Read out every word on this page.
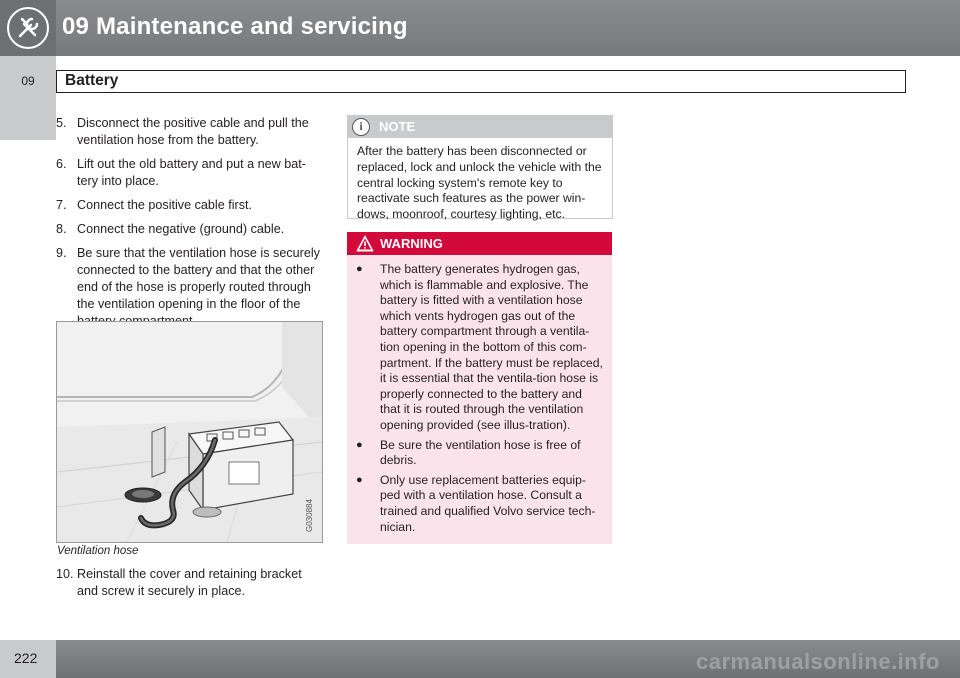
09 Maintenance and servicing
09	Battery
5. Disconnect the positive cable and pull the ventilation hose from the battery.
6. Lift out the old battery and put a new bat-tery into place.
7. Connect the positive cable first.
8. Connect the negative (ground) cable.
9. Be sure that the ventilation hose is securely connected to the battery and that the other end of the hose is properly routed through the ventilation opening in the floor of the
G030884
Ventilation hose
10. Reinstall the cover and retaining bracket and screw it securely in place.
i	NOTE
After the battery has been disconnected or replaced, lock and unlock the vehicle with the central locking system's remote key to reactivate such features as the power win-dows, moonroof, courtesy lighting, etc.
WARNING
● The battery generates hydrogen gas, which is flammable and explosive. The battery is fitted with a ventilation hose which vents hydrogen gas out of the battery compartment through a ventila-tion opening in the bottom of this com-partment. If the battery must be replaced, it is essential that the ventila-tion hose is properly connected to the battery and that it is routed through the ventilation opening provided (see illus-tration).
● Be sure the ventilation hose is free of debris.
● Only use replacement batteries equip-ped with a ventilation hose. Consult a trained and qualified Volvo service tech-nician.
222	carmanualsonline.info
